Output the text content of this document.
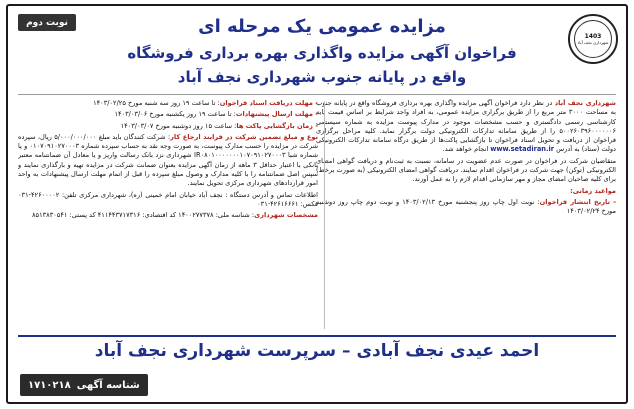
1403
شهرداری نجف آباد
نوبت دوم	مزایده عمومی یک مرحله ای
فراخوان آگهی مزایده واگذاری بهره برداری فروشگاه
واقع در پایانه جنوب شهرداری نجف آباد

شهرداری نجف آباد در نظر دارد فراخوان آگهی مزایده واگذاری بهره برداری فروشگاه واقع در پایانه جنوب به مساحت ۳۰۰۰ متر مربع را از طریق برگزاری مزایده عمومی، به افراد واجد شرایط بر اساس قیمت پایه کارشناسی رسمی دادگستری و حسب مشخصات موجود در مدارک پیوست مزایده به شماره سیستمی ۵۰۰۲۶۰۳۹۶۰۰۰۰۰۰۶ را از طریق سامانه تدارکات الکترونیکی دولت برگزار نماید. کلیه مراحل برگزاری فراخوان از دریافت و تحویل اسناد فراخوان تا بازگشایی پاکت‌ها از طریق درگاه سامانه تدارکات الکترونیکی دولت (ستاد) به آدرس www.setadiran.ir انجام خواهد شد.

متقاضیان شرکت در فراخوان در صورت عدم عضویت در سامانه، نسبت به ثبت‌نام و دریافت گواهی امضای الکترونیکی (توکن) جهت شرکت در فراخوان اقدام نمایند. دریافت گواهی امضای الکترونیکی (به صورت برخط) برای کلیه صاحبان امضای مجاز و مهر سازمانی اقدام لازم را به عمل آورند.

مواعید زمانی:

- تاریخ انتشار فراخوان: نوبت اول چاپ روز پنجشنبه مورخ ۱۴۰۳/۰۲/۱۳ و نوبت دوم چاپ روز دوشنبه مورخ ۱۴۰۳/۰۲/۲۴

- مهلت دریافت اسناد فراخوان: تا ساعت ۱۹ روز سه شنبه مورخ ۱۴۰۳/۰۲/۲۵

- مهلت ارسال پیشنهادات: تا ساعت ۱۹ روز یکشنبه مورخ ۱۴۰۳/۰۳/۰۶

- زمان بازگشایی پاکت ها: ساعت ۱۵ روز دوشنبه مورخ ۱۴۰۳/۰۳/۰۷

نوع و مبلغ تضمین شرکت در فرایند ارجاع کار: شرکت کنندگان باید مبلغ ۵/۰۰۰/۰۰۰/۰۰۰ ریال، سپرده شرکت در مزایده را حسب مدارک پیوست، به صورت وجه نقد به حساب سپرده شماره ۰۱۰۷۰۹۱۰۲۷۰۰۰۳ و یا شماره شبا IR۰۸۰۱۰۰۰۰۰۰۰۱۰۷۰۹۱۰۲۷۰۰۰۳ شهرداری نزد بانک رسالت واریز و یا معادل آن ضمانتنامه معتبر بانکی با اعتبار حداقل ۳ ماهه از زمان آگهی مزایده بعنوان ضمانت شرکت در مزایده تهیه و بارگذاری نمایند و سپس اصل ضمانتنامه را با کلیه مدارک و وصول مبلغ سپرده را قبل از اتمام مهلت ارسال پیشنهادات به واحد امور قراردادهای شهرداری مرکزی تحویل نمایند.

اطلاعات تماس و آدرس دستگاه : نجف آباد خیابان امام خمینی (ره)، شهرداری مرکزی تلفن: ۴۲۶۰۰۰۰۲-۰۳۱ فکس: ۴۲۶۱۶۶۶۱-۰۳۱

مشخصات شهرداری: شناسه ملی: ۱۴۰۰۲۷۷۳۷۸ کد اقتصادی: ۴۱۱۴۴۳۷۱۷۳۱۶ کد پستی: ۸۵۱۳۸۳۰۵۴۱

احمد عیدی نجف آبادی – سرپرست شهرداری نجف آباد
شناسه آگهی
۱۷۱۰۲۱۸
